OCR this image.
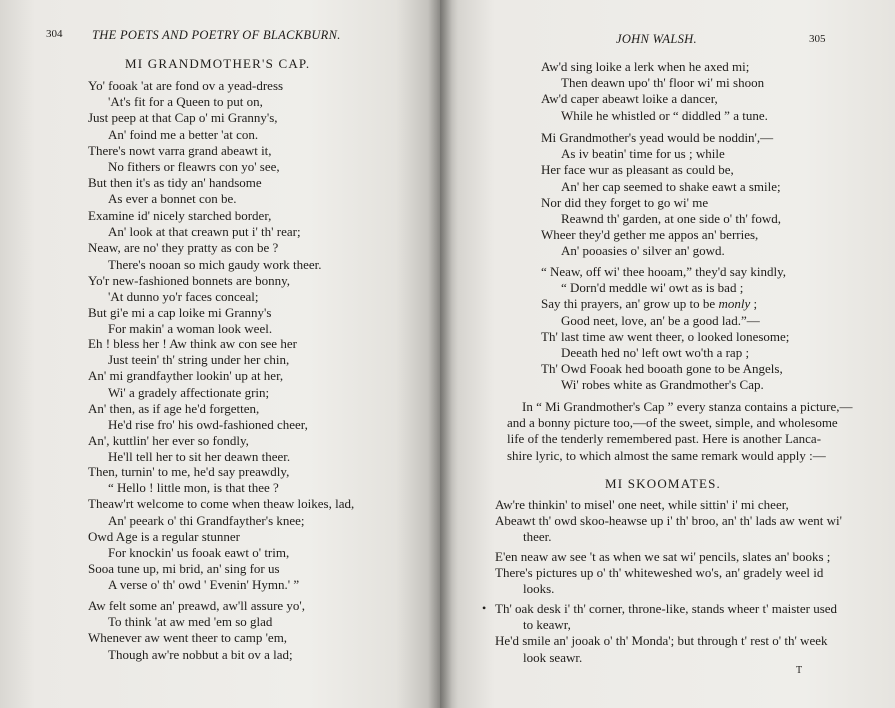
304 THE POETS AND POETRY OF BLACKBURN.
MI GRANDMOTHER'S CAP.
Yo' fooak 'at are fond ov a yead-dress
'At's fit for a Queen to put on,
Just peep at that Cap o' mi Granny's,
An' foind me a better 'at con.
There's nowt varra grand abeawt it,
No fithers or fleawrs con yo' see,
But then it's as tidy an' handsome
As ever a bonnet con be.
Examine id' nicely starched border,
An' look at that creawn put i' th' rear;
Neaw, are no' they pratty as con be ?
There's nooan so mich gaudy work theer.
Yo'r new-fashioned bonnets are bonny,
'At dunno yo'r faces conceal;
But gi'e mi a cap loike mi Granny's
For makin' a woman look weel.
Eh ! bless her ! Aw think aw con see her
Just teein' th' string under her chin,
An' mi grandfayther lookin' up at her,
Wi' a gradely affectionate grin;
An' then, as if age he'd forgetten,
He'd rise fro' his owd-fashioned cheer,
An', kuttlin' her ever so fondly,
He'll tell her to sit her deawn theer.
Then, turnin' to me, he'd say preawdly,
“ Hello ! little mon, is that thee ?
Theaw'rt welcome to come when theaw loikes, lad,
An' peeark o' thi Grandfayther's knee;
Owd Age is a regular stunner
For knockin' us fooak eawt o' trim,
Sooa tune up, mi brid, an' sing for us
A verse o' th' owd ' Evenin' Hymn.' ”
Aw felt some an' preawd, aw'll assure yo',
To think 'at aw med 'em so glad
Whenever aw went theer to camp 'em,
Though aw're nobbut a bit ov a lad;
JOHN WALSH.	305
Aw'd sing loike a lerk when he axed mi;
Then deawn upo' th' floor wi' mi shoon
Aw'd caper abeawt loike a dancer,
While he whistled or “ diddled ” a tune.
Mi Grandmother's yead would be noddin',—
As iv beatin' time for us ; while
Her face wur as pleasant as could be,
An' her cap seemed to shake eawt a smile;
Nor did they forget to go wi' me
Reawnd th' garden, at one side o' th' fowd,
Wheer they'd gether me appos an' berries,
An' pooasies o' silver an' gowd.
“ Neaw, off wi' thee hooam,” they'd say kindly,
“ Dorn'd meddle wi' owt as is bad ;
Say thi prayers, an' grow up to be monly ;
Good neet, love, an' be a good lad.”—
Th' last time aw went theer, o looked lonesome;
Deeath hed no' left owt wo'th a rap ;
Th' Owd Fooak hed booath gone to be Angels,
Wi' robes white as Grandmother's Cap.
In “ Mi Grandmother's Cap ” every stanza contains a picture,—
and a bonny picture too,—of the sweet, simple, and wholesome
life of the tenderly remembered past. Here is another Lanca-
shire lyric, to which almost the same remark would apply :—
MI SKOOMATES.
Aw're thinkin' to misel' one neet, while sittin' i' mi cheer,
Abeawt th' owd skoo-heawse up i' th' broo, an' th' lads aw went wi'
theer.
E'en neaw aw see 't as when we sat wi' pencils, slates an' books ;
There's pictures up o' th' whiteweshed wo's, an' gradely weel id
looks.
• Th' oak desk i' th' corner, throne-like, stands wheer t' maister used
to keawr,
He'd smile an' jooak o' th' Monda'; but through t' rest o' th' week
look seawr.
T
